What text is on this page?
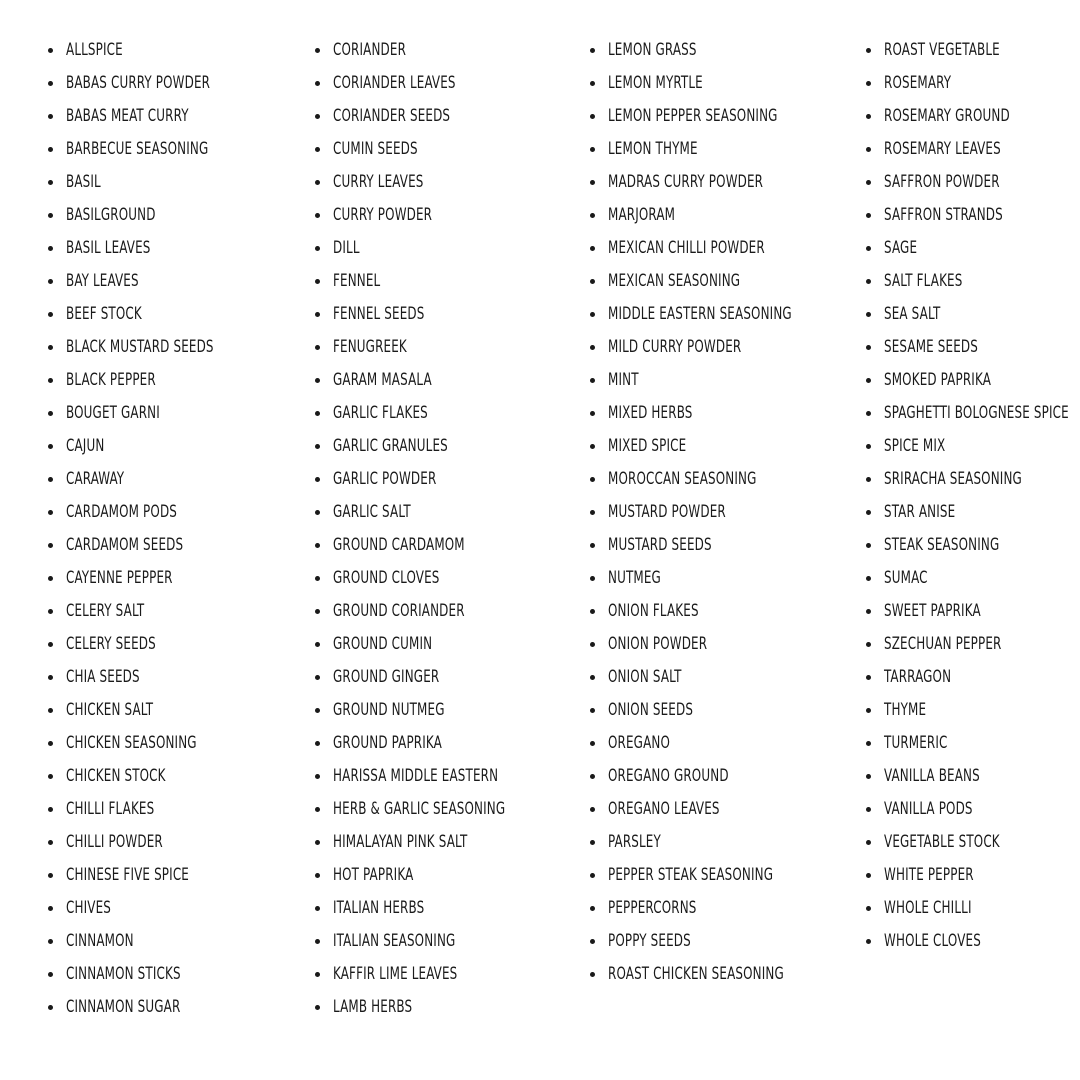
ALLSPICE
BABAS CURRY POWDER
BABAS MEAT CURRY
BARBECUE SEASONING
BASIL
BASILGROUND
BASIL LEAVES
BAY LEAVES
BEEF STOCK
BLACK MUSTARD SEEDS
BLACK PEPPER
BOUGET GARNI
CAJUN
CARAWAY
CARDAMOM PODS
CARDAMOM SEEDS
CAYENNE PEPPER
CELERY SALT
CELERY SEEDS
CHIA SEEDS
CHICKEN SALT
CHICKEN SEASONING
CHICKEN STOCK
CHILLI FLAKES
CHILLI POWDER
CHINESE FIVE SPICE
CHIVES
CINNAMON
CINNAMON STICKS
CINNAMON SUGAR
CORIANDER
CORIANDER LEAVES
CORIANDER SEEDS
CUMIN SEEDS
CURRY LEAVES
CURRY POWDER
DILL
FENNEL
FENNEL SEEDS
FENUGREEK
GARAM MASALA
GARLIC FLAKES
GARLIC GRANULES
GARLIC POWDER
GARLIC SALT
GROUND CARDAMOM
GROUND CLOVES
GROUND CORIANDER
GROUND CUMIN
GROUND GINGER
GROUND NUTMEG
GROUND PAPRIKA
HARISSA MIDDLE EASTERN
HERB & GARLIC SEASONING
HIMALAYAN PINK SALT
HOT PAPRIKA
ITALIAN HERBS
ITALIAN SEASONING
KAFFIR LIME LEAVES
LAMB HERBS
LEMON GRASS
LEMON MYRTLE
LEMON PEPPER SEASONING
LEMON THYME
MADRAS CURRY POWDER
MARJORAM
MEXICAN CHILLI POWDER
MEXICAN SEASONING
MIDDLE EASTERN SEASONING
MILD CURRY POWDER
MINT
MIXED HERBS
MIXED SPICE
MOROCCAN SEASONING
MUSTARD POWDER
MUSTARD SEEDS
NUTMEG
ONION FLAKES
ONION POWDER
ONION SALT
ONION SEEDS
OREGANO
OREGANO GROUND
OREGANO LEAVES
PARSLEY
PEPPER STEAK SEASONING
PEPPERCORNS
POPPY SEEDS
ROAST CHICKEN SEASONING
ROAST VEGETABLE
ROSEMARY
ROSEMARY GROUND
ROSEMARY LEAVES
SAFFRON POWDER
SAFFRON STRANDS
SAGE
SALT FLAKES
SEA SALT
SESAME SEEDS
SMOKED PAPRIKA
SPAGHETTI BOLOGNESE SPICE
SPICE MIX
SRIRACHA SEASONING
STAR ANISE
STEAK SEASONING
SUMAC
SWEET PAPRIKA
SZECHUAN PEPPER
TARRAGON
THYME
TURMERIC
VANILLA BEANS
VANILLA PODS
VEGETABLE STOCK
WHITE PEPPER
WHOLE CHILLI
WHOLE CLOVES
